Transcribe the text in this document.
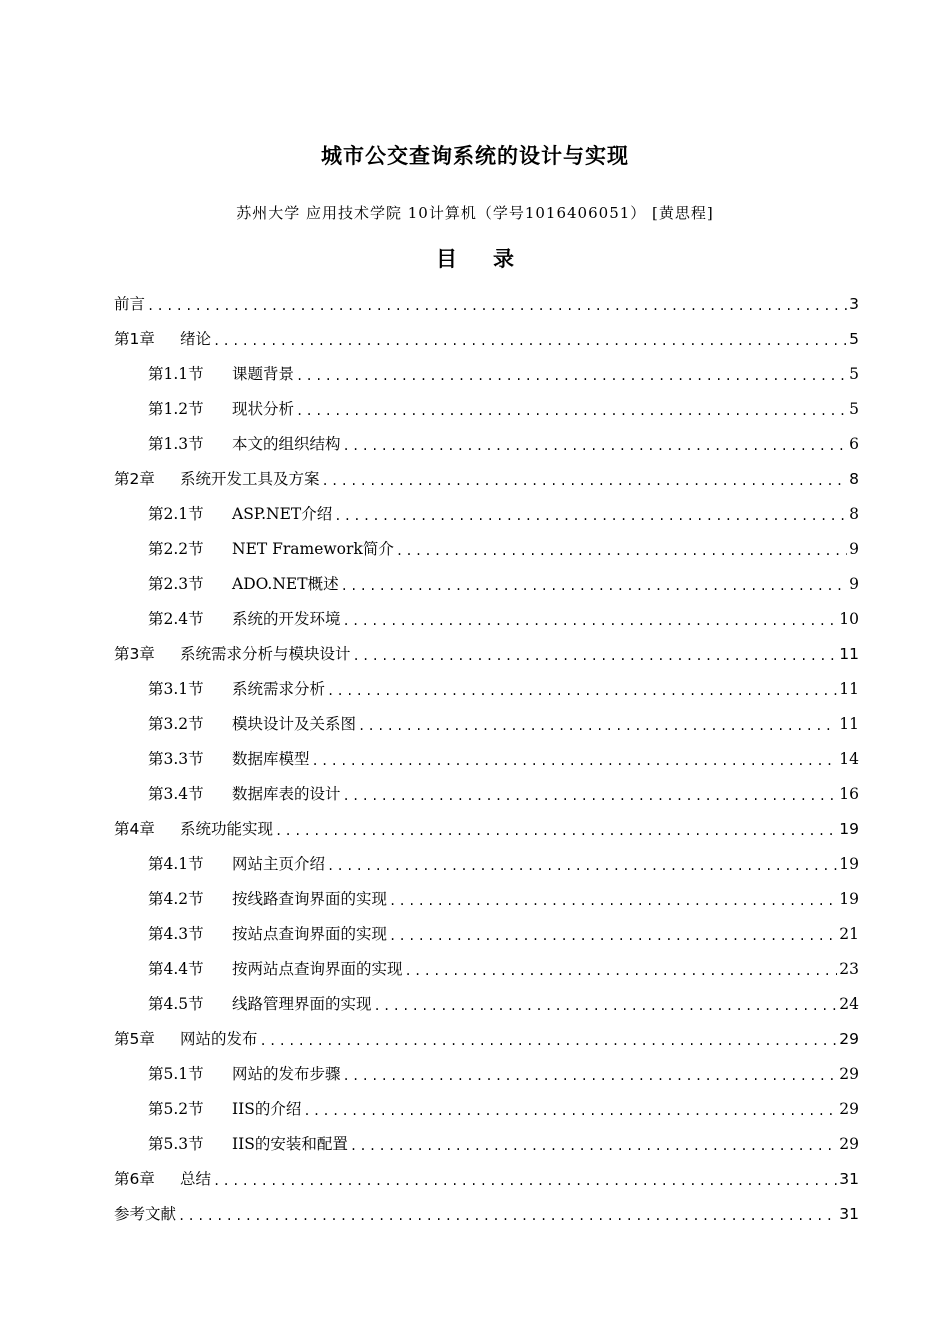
城市公交查询系统的设计与实现
苏州大学 应用技术学院 10计算机（学号1016406051） [黄思程]
目录
前言 .....	3
第1章 绪论 .....	5
第1.1节 课题背景 .....	5
第1.2节 现状分析 .....	5
第1.3节 本文的组织结构 .....	6
第2章 系统开发工具及方案 .....	8
第2.1节 ASP.NET介绍 .....	8
第2.2节 NET Framework简介 .....	9
第2.3节 ADO.NET概述 .....	9
第2.4节 系统的开发环境 .....	10
第3章 系统需求分析与模块设计 .....	11
第3.1节 系统需求分析 .....	11
第3.2节 模块设计及关系图 .....	11
第3.3节 数据库模型 .....	14
第3.4节 数据库表的设计 .....	16
第4章 系统功能实现 .....	19
第4.1节 网站主页介绍 .....	19
第4.2节 按线路查询界面的实现 .....	19
第4.3节 按站点查询界面的实现 .....	21
第4.4节 按两站点查询界面的实现 .....	23
第4.5节 线路管理界面的实现 .....	24
第5章 网站的发布 .....	29
第5.1节 网站的发布步骤 .....	29
第5.2节 IIS的介绍 .....	29
第5.3节 IIS的安装和配置 .....	29
第6章 总结 .....	31
参考文献 .....	31
